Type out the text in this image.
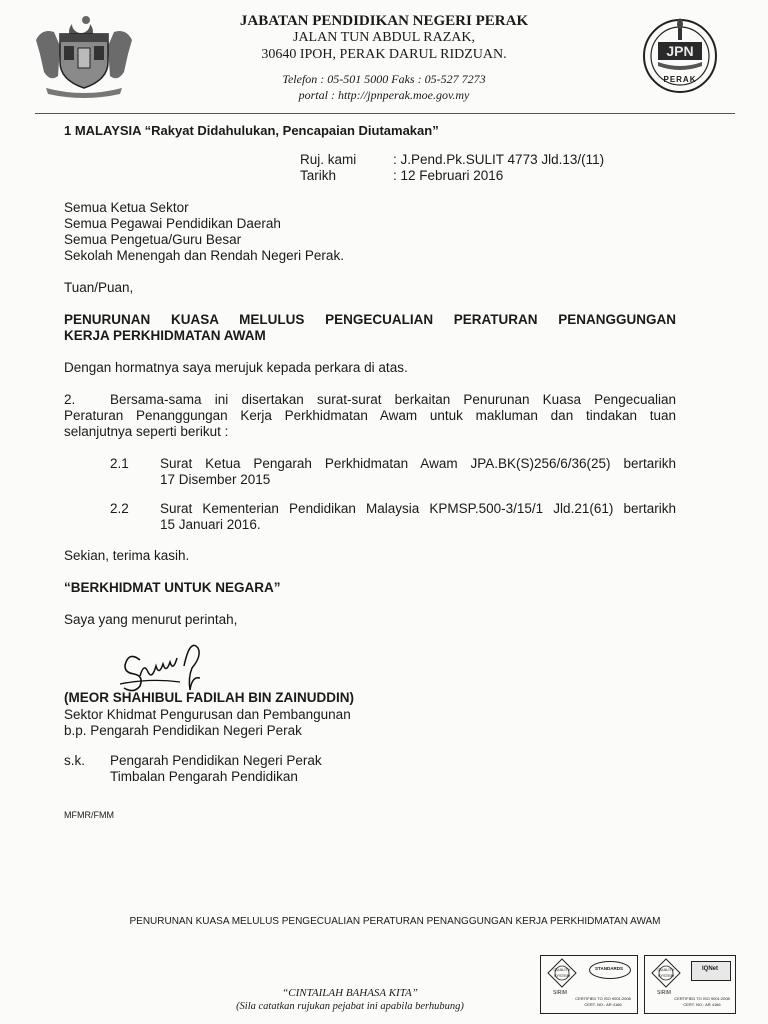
JABATAN PENDIDIKAN NEGERI PERAK
JALAN TUN ABDUL RAZAK,
30640 IPOH, PERAK DARUL RIDZUAN.
Telefon : 05-501 5000 Faks : 05-527 7273
portal : http://jpnperak.moe.gov.my
JPN
PERAK
1 MALAYSIA “Rakyat Didahulukan, Pencapaian Diutamakan”
Ruj. kami	: J.Pend.Pk.SULIT 4773 Jld.13/(11)
Tarikh	: 12 Februari 2016
Semua Ketua Sektor
Semua Pegawai Pendidikan Daerah
Semua Pengetua/Guru Besar
Sekolah Menengah dan Rendah Negeri Perak.
Tuan/Puan,
PENURUNAN KUASA MELULUS PENGECUALIAN PERATURAN PENANGGUNGAN
KERJA PERKHIDMATAN AWAM
Dengan hormatnya saya merujuk kepada perkara di atas.
2.	Bersama-sama ini disertakan surat-surat berkaitan Penurunan Kuasa Pengecualian
Peraturan Penanggungan Kerja Perkhidmatan Awam untuk makluman dan tindakan tuan
selanjutnya seperti berikut :
2.1 Surat Ketua Pengarah Perkhidmatan Awam JPA.BK(S)256/6/36(25) bertarikh
17 Disember 2015
2.2 Surat Kementerian Pendidikan Malaysia KPMSP.500-3/15/1 Jld.21(61) bertarikh
15 Januari 2016.
Sekian, terima kasih.
“BERKHIDMAT UNTUK NEGARA”
Saya yang menurut perintah,
(MEOR SHAHIBUL FADILAH BIN ZAINUDDIN)
Sektor Khidmat Pengurusan dan Pembangunan
b.p. Pengarah Pendidikan Negeri Perak
s.k. Pengarah Pendidikan Negeri Perak
Timbalan Pengarah Pendidikan
MFMR/FMM
PENURUNAN KUASA MELULUS PENGECUALIAN PERATURAN PENANGGUNGAN KERJA PERKHIDMATAN AWAM
“CINTAILAH BAHASA KITA”
(Sila catatkan rujukan pejabat ini apabila berhubung)
QUALITY SYSTEM
STANDARDS
SIRIM
CERTIFIED TO ISO 9001:2008
CERT. NO.: AR 4166
QUALITY SYSTEM
IQNet
SIRIM
CERTIFIED TO ISO 9001:2008
CERT. NO.: AR 4166
